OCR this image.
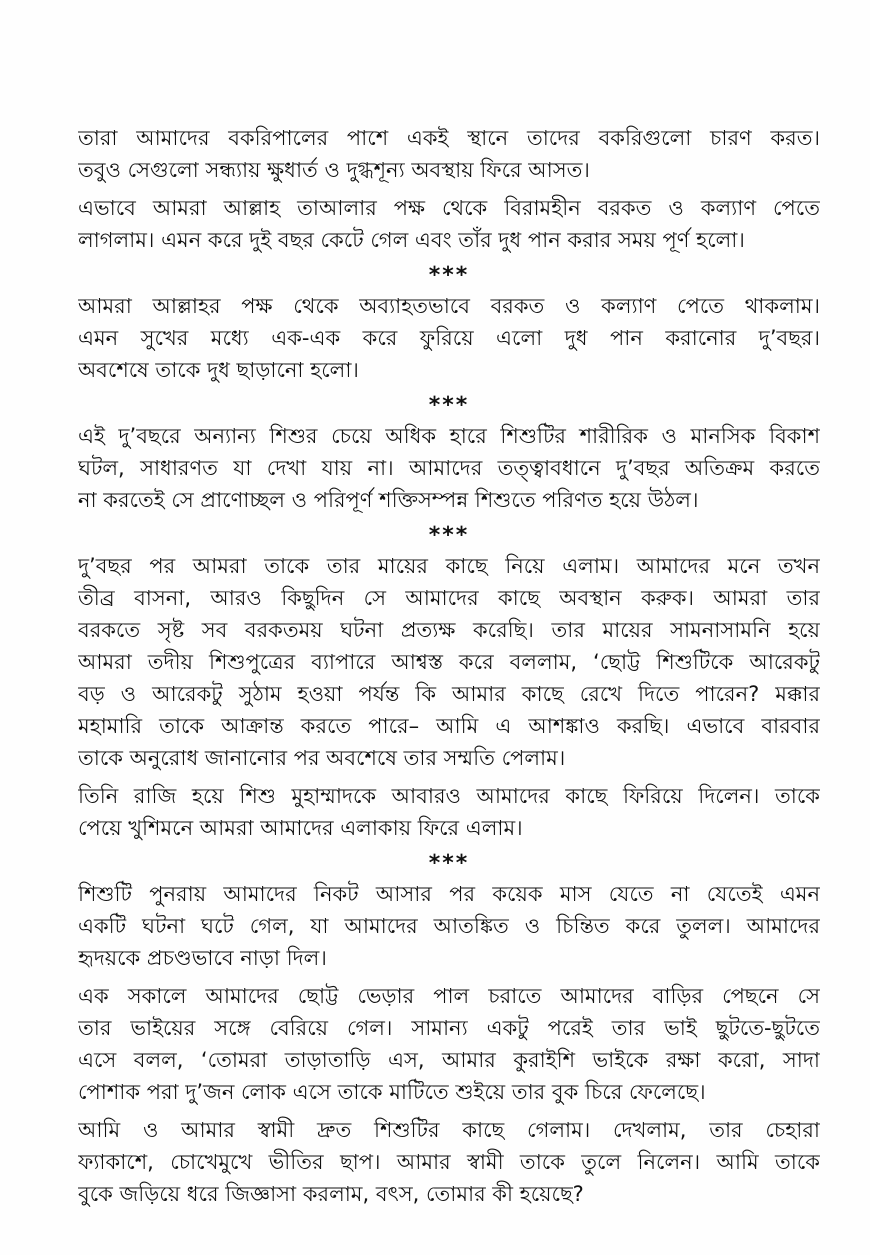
তারা আমাদের বকরিপালের পাশে একই স্থানে তাদের বকরিগুলো চারণ করত।
তবুও সেগুলো সন্ধ্যায় ক্ষুধার্ত ও দুগ্ধশূন্য অবস্থায় ফিরে আসত।
এভাবে আমরা আল্লাহ তাআলার পক্ষ থেকে বিরামহীন বরকত ও কল্যাণ পেতে
লাগলাম। এমন করে দুই বছর কেটে গেল এবং তাঁর দুধ পান করার সময় পূর্ণ হলো।
***
আমরা আল্লাহর পক্ষ থেকে অব্যাহতভাবে বরকত ও কল্যাণ পেতে থাকলাম।
এমন সুখের মধ্যে এক-এক করে ফুরিয়ে এলো দুধ পান করানোর দু’বছর।
অবশেষে তাকে দুধ ছাড়ানো হলো।
***
এই দু’বছরে অন্যান্য শিশুর চেয়ে অধিক হারে শিশুটির শারীরিক ও মানসিক বিকাশ
ঘটল, সাধারণত যা দেখা যায় না। আমাদের তত্ত্বাবধানে দু’বছর অতিক্রম করতে
না করতেই সে প্রাণোচ্ছল ও পরিপূর্ণ শক্তিসম্পন্ন শিশুতে পরিণত হয়ে উঠল।
***
দু’বছর পর আমরা তাকে তার মায়ের কাছে নিয়ে এলাম। আমাদের মনে তখন
তীব্র বাসনা, আরও কিছুদিন সে আমাদের কাছে অবস্থান করুক। আমরা তার
বরকতে সৃষ্ট সব বরকতময় ঘটনা প্রত্যক্ষ করেছি। তার মায়ের সামনাসামনি হয়ে
আমরা তদীয় শিশুপুত্রের ব্যাপারে আশ্বস্ত করে বললাম, ‘ছোট্ট শিশুটিকে আরেকটু
বড় ও আরেকটু সুঠাম হওয়া পর্যন্ত কি আমার কাছে রেখে দিতে পারেন? মক্কার
মহামারি তাকে আক্রান্ত করতে পারে– আমি এ আশঙ্কাও করছি। এভাবে বারবার
তাকে অনুরোধ জানানোর পর অবশেষে তার সম্মতি পেলাম।
তিনি রাজি হয়ে শিশু মুহাম্মাদকে আবারও আমাদের কাছে ফিরিয়ে দিলেন। তাকে
পেয়ে খুশিমনে আমরা আমাদের এলাকায় ফিরে এলাম।
***
শিশুটি পুনরায় আমাদের নিকট আসার পর কয়েক মাস যেতে না যেতেই এমন
একটি ঘটনা ঘটে গেল, যা আমাদের আতঙ্কিত ও চিন্তিত করে তুলল। আমাদের
হৃদয়কে প্রচণ্ডভাবে নাড়া দিল।
এক সকালে আমাদের ছোট্ট ভেড়ার পাল চরাতে আমাদের বাড়ির পেছনে সে
তার ভাইয়ের সঙ্গে বেরিয়ে গেল। সামান্য একটু পরেই তার ভাই ছুটতে-ছুটতে
এসে বলল, ‘তোমরা তাড়াতাড়ি এস, আমার কুরাইশি ভাইকে রক্ষা করো, সাদা
পোশাক পরা দু’জন লোক এসে তাকে মাটিতে শুইয়ে তার বুক চিরে ফেলেছে।
আমি ও আমার স্বামী দ্রুত শিশুটির কাছে গেলাম। দেখলাম, তার চেহারা
ফ্যাকাশে, চোখেমুখে ভীতির ছাপ। আমার স্বামী তাকে তুলে নিলেন। আমি তাকে
বুকে জড়িয়ে ধরে জিজ্ঞাসা করলাম, বৎস, তোমার কী হয়েছে?
